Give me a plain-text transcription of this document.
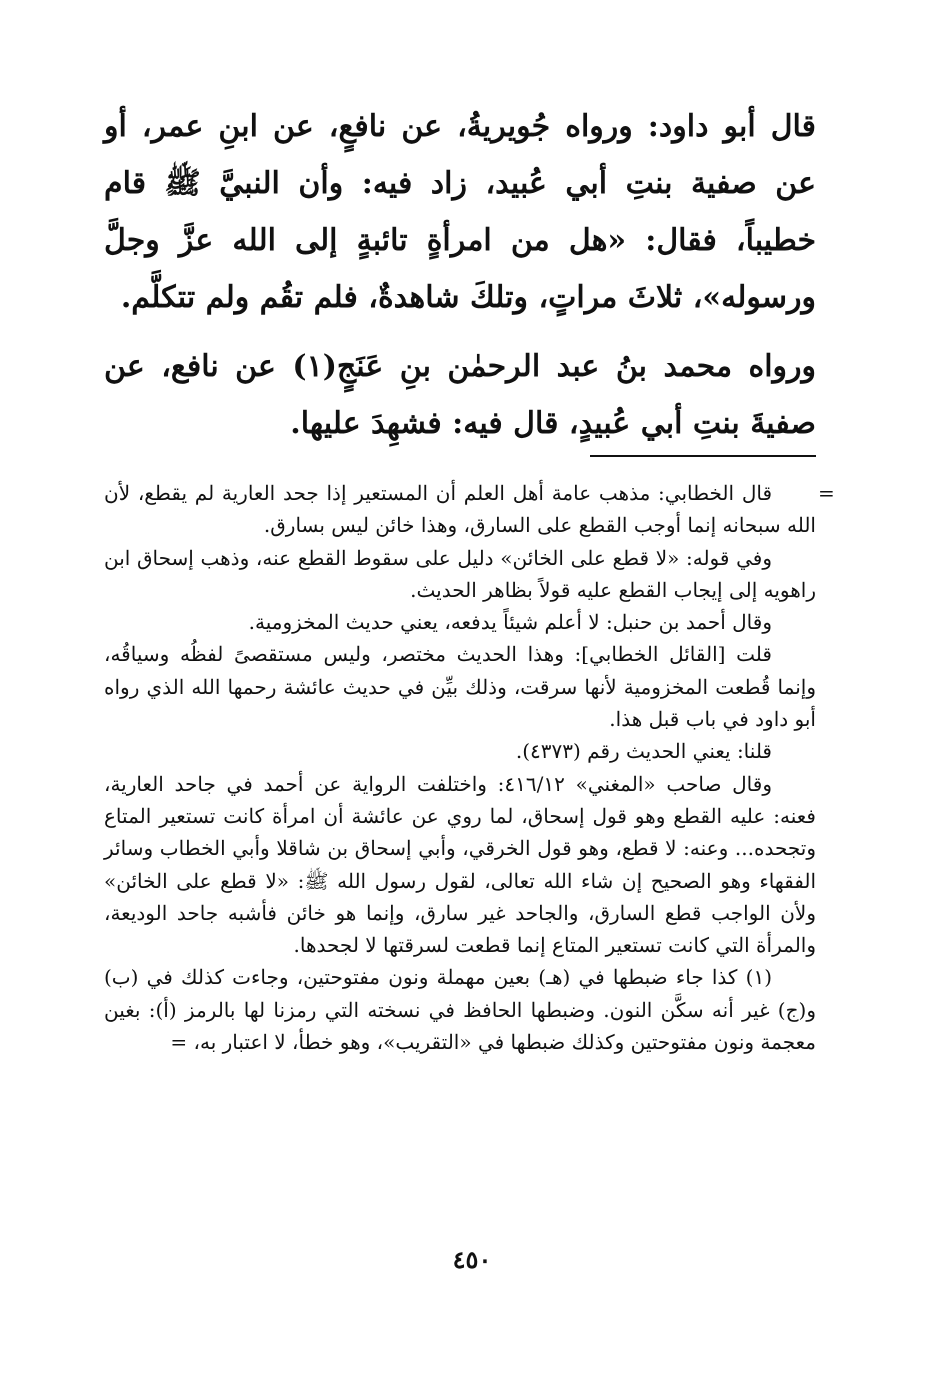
قال أبو داود: ورواه جُويريةُ، عن نافعٍ، عن ابنِ عمر، أو عن صفية بنتِ أبي عُبيد، زاد فيه: وأن النبيَّ ﷺ قام خطيباً، فقال: «هل من امرأةٍ تائبةٍ إلى الله عزَّ وجلَّ ورسوله»، ثلاثَ مراتٍ، وتلكَ شاهدةٌ، فلم تقُم ولم تتكلَّم.
ورواه محمد بنُ عبد الرحمٰن بنِ عَنَجٍ(١) عن نافع، عن صفيةَ بنتِ أبي عُبيدٍ، قال فيه: فشهِدَ عليها.
=

قال الخطابي: مذهب عامة أهل العلم أن المستعير إذا جحد العارية لم يقطع، لأن الله سبحانه إنما أوجب القطع على السارق، وهذا خائن ليس بسارق.

وفي قوله: «لا قطع على الخائن» دليل على سقوط القطع عنه، وذهب إسحاق ابن راهويه إلى إيجاب القطع عليه قولاً بظاهر الحديث.

وقال أحمد بن حنبل: لا أعلم شيئاً يدفعه، يعني حديث المخزومية.

قلت [القائل الخطابي]: وهذا الحديث مختصر، وليس مستقصىً لفظُه وسياقُه، وإنما قُطعت المخزومية لأنها سرقت، وذلك بيِّن في حديث عائشة رحمها الله الذي رواه أبو داود في باب قبل هذا.

قلنا: يعني الحديث رقم (٤٣٧٣).

وقال صاحب «المغني» ٤١٦/١٢: واختلفت الرواية عن أحمد في جاحد العارية، فعنه: عليه القطع وهو قول إسحاق، لما روي عن عائشة أن امرأة كانت تستعير المتاع وتجحده... وعنه: لا قطع، وهو قول الخرقي، وأبي إسحاق بن شاقلا وأبي الخطاب وسائر الفقهاء وهو الصحيح إن شاء الله تعالى، لقول رسول الله ﷺ: «لا قطع على الخائن» ولأن الواجب قطع السارق، والجاحد غير سارق، وإنما هو خائن فأشبه جاحد الوديعة، والمرأة التي كانت تستعير المتاع إنما قطعت لسرقتها لا لجحدها.

(١) كذا جاء ضبطها في (هـ) بعين مهملة ونون مفتوحتين، وجاءت كذلك في (ب) و(ج) غير أنه سكَّن النون. وضبطها الحافظ في نسخته التي رمزنا لها بالرمز (أ): بغين معجمة ونون مفتوحتين وكذلك ضبطها في «التقريب»، وهو خطأ، لا اعتبار به، =

٤٥٠
